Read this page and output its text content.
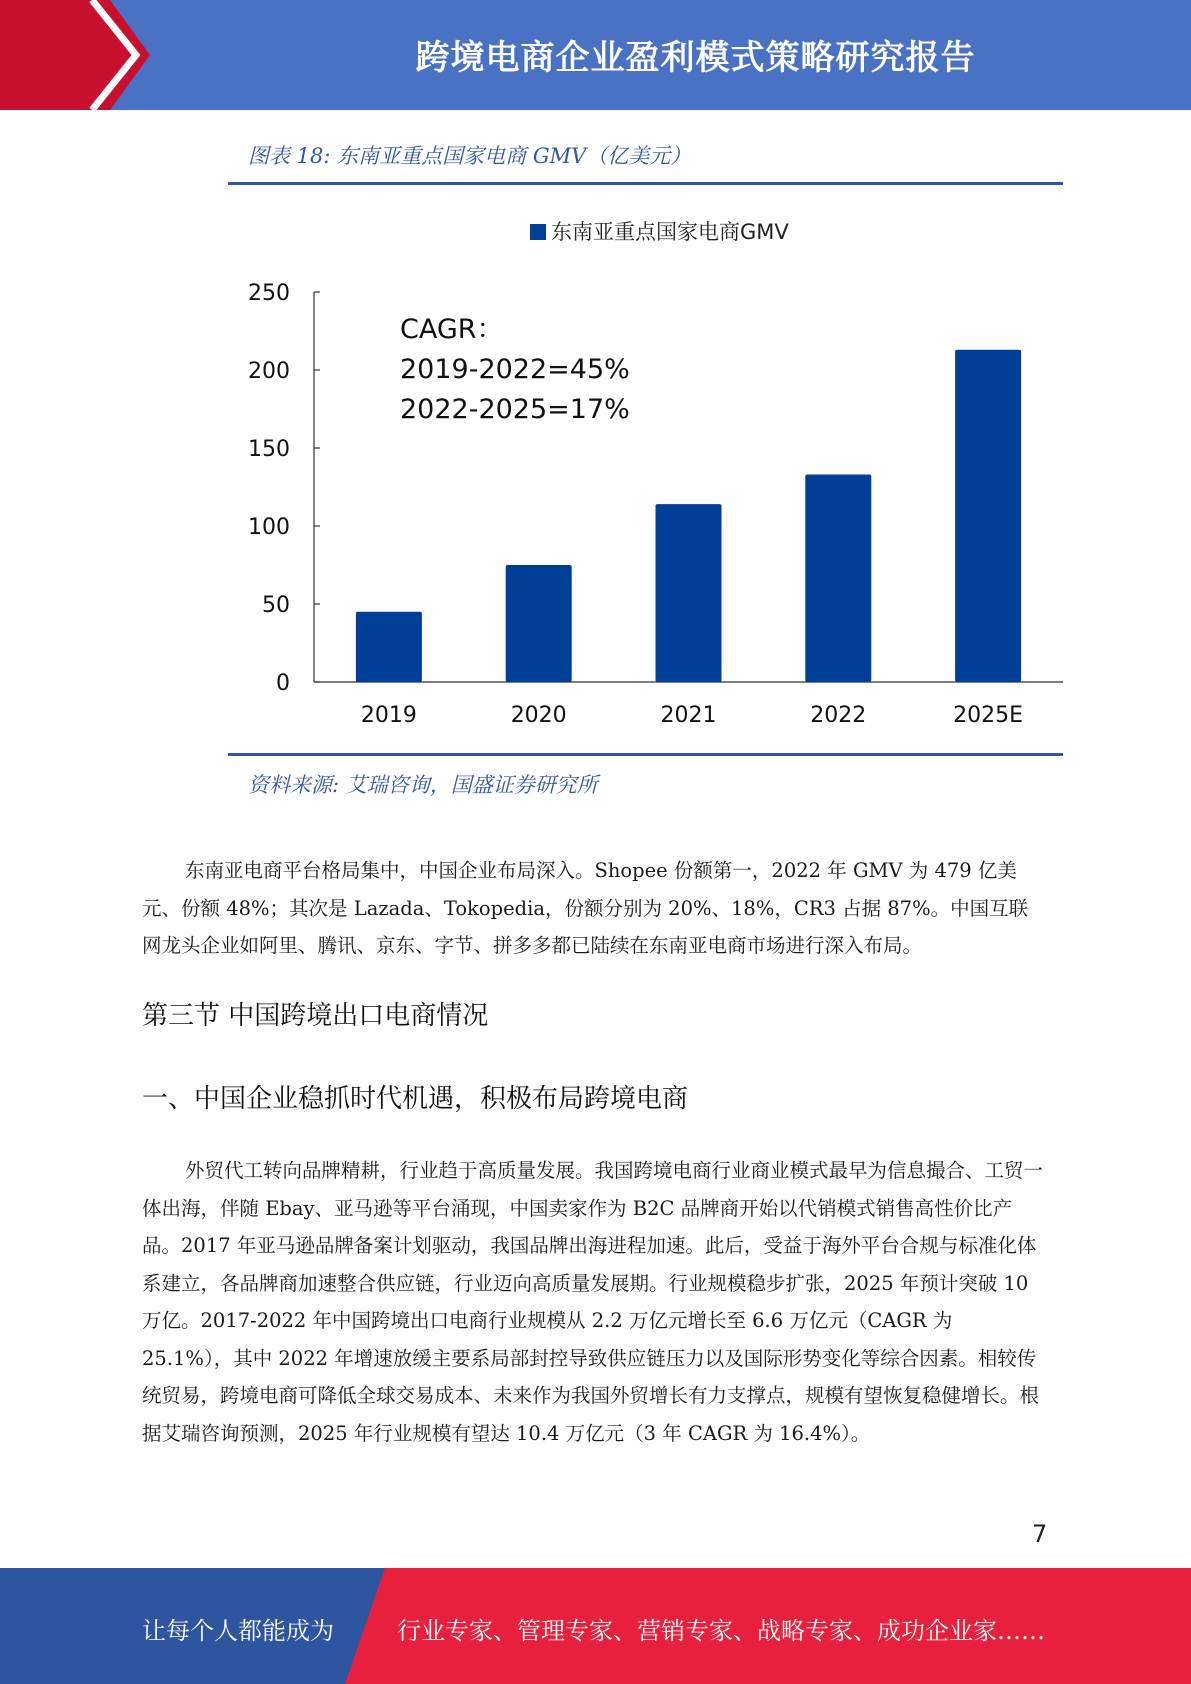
跨境电商企业盈利模式策略研究报告
图表 18: 东南亚重点国家电商 GMV（亿美元）
东南亚重点国家电商GMV
0
50
100
150
200
250
2019	2020	2021	2022	2025E
CAGR：
2019-2022=45%
2022-2025=17%
资料来源: 艾瑞咨询，国盛证券研究所
东南亚电商平台格局集中，中国企业布局深入。Shopee 份额第一，2022 年 GMV 为 479 亿美元、份额 48%；其次是 Lazada、Tokopedia，份额分别为 20%、18%，CR3 占据 87%。中国互联网龙头企业如阿里、腾讯、京东、字节、拼多多都已陆续在东南亚电商市场进行深入布局。
第三节 中国跨境出口电商情况
一、中国企业稳抓时代机遇，积极布局跨境电商
外贸代工转向品牌精耕，行业趋于高质量发展。我国跨境电商行业商业模式最早为信息撮合、工贸一体出海，伴随 Ebay、亚马逊等平台涌现，中国卖家作为 B2C 品牌商开始以代销模式销售高性价比产品。2017 年亚马逊品牌备案计划驱动，我国品牌出海进程加速。此后，受益于海外平台合规与标准化体系建立，各品牌商加速整合供应链，行业迈向高质量发展期。行业规模稳步扩张，2025 年预计突破 10 万亿。2017-2022 年中国跨境出口电商行业规模从 2.2 万亿元增长至 6.6 万亿元（CAGR 为 25.1%），其中 2022 年增速放缓主要系局部封控导致供应链压力以及国际形势变化等综合因素。相较传统贸易，跨境电商可降低全球交易成本、未来作为我国外贸增长有力支撑点，规模有望恢复稳健增长。根据艾瑞咨询预测，2025 年行业规模有望达 10.4 万亿元（3 年 CAGR 为 16.4%）。
7
让每个人都能成为	行业专家、管理专家、营销专家、战略专家、成功企业家……
